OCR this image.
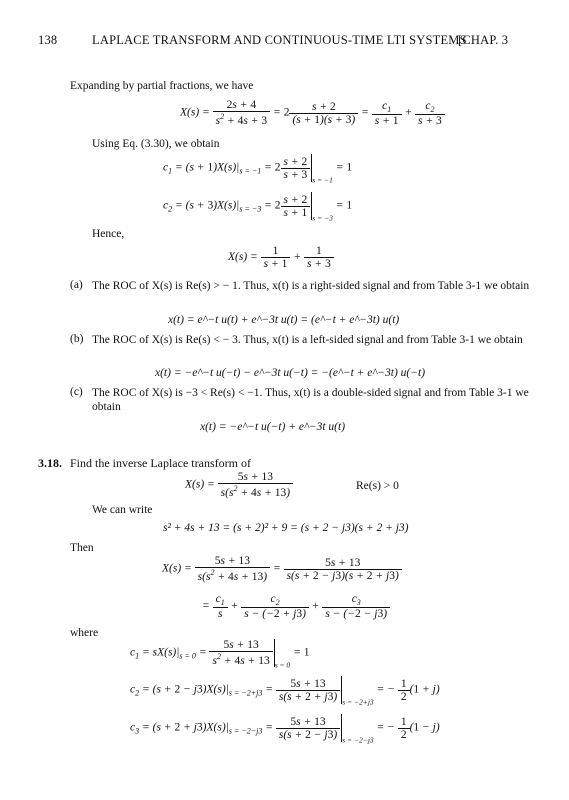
138	LAPLACE TRANSFORM AND CONTINUOUS-TIME LTI SYSTEMS
[CHAP. 3
Expanding by partial fractions, we have
$X(s) = \frac{2s + 4}{s^2 + 4s + 3} = 2 \frac{s + 2}{(s + 1)(s + 3)} = \frac{c_1}{s + 1} + \frac{c_2}{s + 3}$
Using Eq. (3.30), we obtain
$c_1 = (s + 1)X(s)|_{s = -1} = 2 \frac{s + 2}{s + 3} _{s = -1} = 1$
$c_2 = (s + 3)X(s)|_{s = -3} = 2 \frac{s + 2}{s + 1} _{s = -3} = 1$
Hence,
$X(s) = \frac{1}{s + 1} + \frac{1}{s + 3}$
(a) The ROC of X(s) is Re(s) > − 1. Thus, x(t) is a right-sided signal and from Table 3-1 we obtain
x(t) = e^−t u(t) + e^−3t u(t) = (e^−t + e^−3t) u(t)
(b) The ROC of X(s) is Re(s) < − 3. Thus, x(t) is a left-sided signal and from Table 3-1 we obtain
x(t) = −e^−t u(−t) − e^−3t u(−t) = −(e^−t + e^−3t) u(−t)
(c) The ROC of X(s) is −3 < Re(s) < −1. Thus, x(t) is a double-sided signal and from Table 3-1 we obtain
x(t) = −e^−t u(−t) + e^−3t u(t)
3.18. Find the inverse Laplace transform of
$X(s) = \frac{5s + 13}{s(s^2 + 4s + 13)}$	Re(s) > 0
We can write
s² + 4s + 13 = (s + 2)² + 9 = (s + 2 − j3)(s + 2 + j3)
Then
$X(s) = \frac{5s + 13}{s(s^2 + 4s + 13)} = \frac{5s + 13}{s(s + 2 - j3)(s + 2 + j3)}$
= $\frac{c_1}{s} + \frac{c_2}{s - (-2 + j3)} + \frac{c_3}{s - (-2 - j3)}$
where
$c_1 = sX(s)|_{s = 0} = \frac{5s + 13}{s^2 + 4s + 13} _{s = 0} = 1$
$c_2 = (s + 2 - j3)X(s)|_{s = -2+j3} = \frac{5s + 13}{s(s + 2 + j3)} _{s = -2+j3}$ = − $\frac{1}{2} (1 + j)$
$c_3 = (s + 2 + j3)X(s)|_{s = -2-j3} = \frac{5s + 13}{s(s + 2 - j3)} _{s = -2-j3}$ = − $\frac{1}{2} (1 - j)$
